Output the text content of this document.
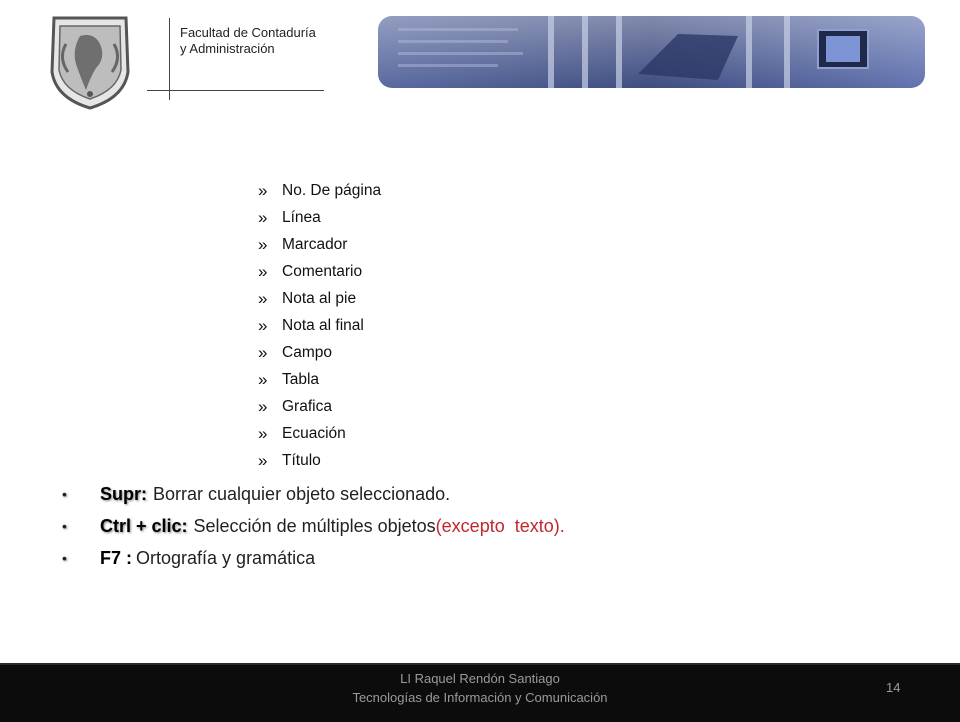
Facultad de Contaduría
y Administración
» No. De página
» Línea
» Marcador
» Comentario
» Nota al pie
» Nota al final
» Campo
» Tabla
» Grafica
» Ecuación
» Título
•	Supr: Borrar cualquier objeto seleccionado.
•	Ctrl + clic: Selección de múltiples objetos (excepto  texto).
•	F7 : Ortografía y gramática
LI Raquel Rendón Santiago
Tecnologías de Información y Comunicación
14
